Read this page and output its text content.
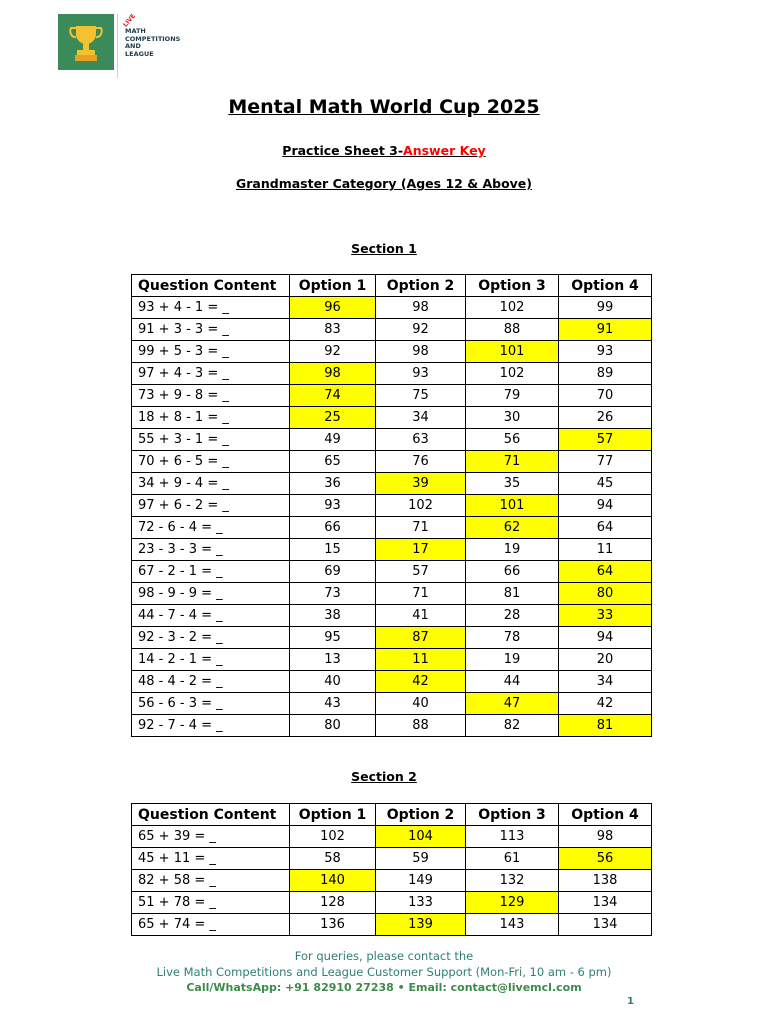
LIVE
MATH
COMPETITIONS
AND
LEAGUE
Mental Math World Cup 2025
Practice Sheet 3-Answer Key
Grandmaster Category (Ages 12 & Above)
Section 1
Question Content	Option 1	Option 2	Option 3	Option 4
93 + 4 - 1 = _	96	98	102	99
91 + 3 - 3 = _	83	92	88	91
99 + 5 - 3 = _	92	98	101	93
97 + 4 - 3 = _	98	93	102	89
73 + 9 - 8 = _	74	75	79	70
18 + 8 - 1 = _	25	34	30	26
55 + 3 - 1 = _	49	63	56	57
70 + 6 - 5 = _	65	76	71	77
34 + 9 - 4 = _	36	39	35	45
97 + 6 - 2 = _	93	102	101	94
72 - 6 - 4 = _	66	71	62	64
23 - 3 - 3 = _	15	17	19	11
67 - 2 - 1 = _	69	57	66	64
98 - 9 - 9 = _	73	71	81	80
44 - 7 - 4 = _	38	41	28	33
92 - 3 - 2 = _	95	87	78	94
14 - 2 - 1 = _	13	11	19	20
48 - 4 - 2 = _	40	42	44	34
56 - 6 - 3 = _	43	40	47	42
92 - 7 - 4 = _	80	88	82	81
Section 2
Question Content	Option 1	Option 2	Option 3	Option 4
65 + 39 = _	102	104	113	98
45 + 11 = _	58	59	61	56
82 + 58 = _	140	149	132	138
51 + 78 = _	128	133	129	134
65 + 74 = _	136	139	143	134
For queries, please contact the
Live Math Competitions and League Customer Support (Mon-Fri, 10 am - 6 pm)
Call/WhatsApp: +91 82910 27238 • Email: contact@livemcl.com
1
